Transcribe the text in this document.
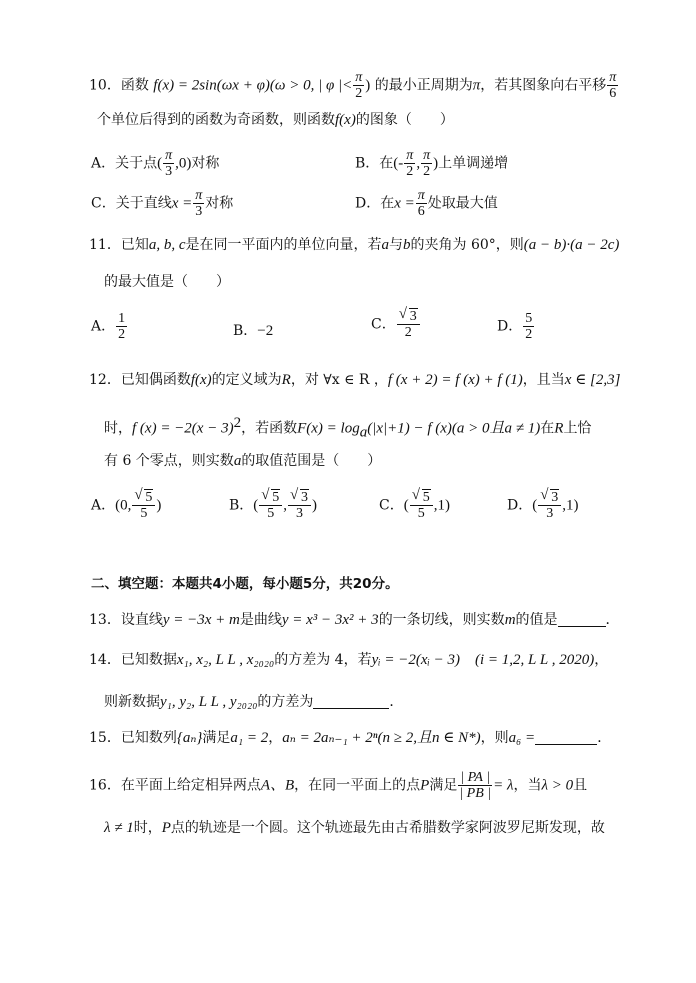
10．函数 f(x) = 2sin(ωx + φ)(ω > 0, | φ |< $\frac{\pi}{2}$ ) 的最小正周期为π，若其图象向右平移 $\frac{\pi}{6}$
个单位后得到的函数为奇函数，则函数f(x)的图象（　　）
A．关于点( $\frac{\pi}{3} ,0$)对称	B．在(- $\frac{\pi}{2}$ , $\frac{\pi}{2}$ )上单调递增
C．关于直线$x = \frac{\pi}{3}$ 对称	D．在$x = \frac{\pi}{6}$ 处取最大值
11．已知a, b, c是在同一平面内的单位向量，若a与b的夹角为 60°，则(a − b)·(a − 2c)
的最大值是（　　）
A． $\frac{1}{2}$	B．−2	C． $\frac{√ 3}{2}$	D． $\frac{5}{2}$
12．已知偶函数f(x)的定义域为R，对 ∀x ∈ R ，f (x + 2) = f (x) + f (1)，且当x ∈ [2,3]
时，f $(x) = -2(x - 3)^2$，若函数$F(x) = \log_a(|x|+1) - f$ (x)(a > 0且a ≠ 1)在R上恰
有 6 个零点，则实数a的取值范围是（　　）
A．(0, $\frac{√ 5}{5}$ )	B．( $\frac{√ 5}{5}$ , $\frac{√ 3}{3}$ )	C．( $\frac{√ 5}{5} ,1$)	D．( $\frac{√ 3}{3} ,1$)
二、填空题：本题共4小题，每小题5分，共20分。
13．设直线y = −3x + m是曲线y = x³ − 3x² + 3的一条切线，则实数m的值是	．
14．已知数据x₁, x₂, L L , x₂₀₂₀的方差为 4，若yᵢ = −2(xᵢ − 3)　(i = 1,2, L L , 2020)，
则新数据y₁, y₂, L L , y₂₀₂₀的方差为	．
15．已知数列{aₙ}满足a₁ = 2，aₙ = 2aₙ₋₁ + 2ⁿ(n ≥ 2,且n ∈ N*)，则a₆ =	．
16．在平面上给定相异两点A、B，在同一平面上的点P满足 $\frac{| PA |}{| PB |} = \lambda$，当λ > 0且
λ ≠ 1时，P点的轨迹是一个圆。这个轨迹最先由古希腊数学家阿波罗尼斯发现，故
